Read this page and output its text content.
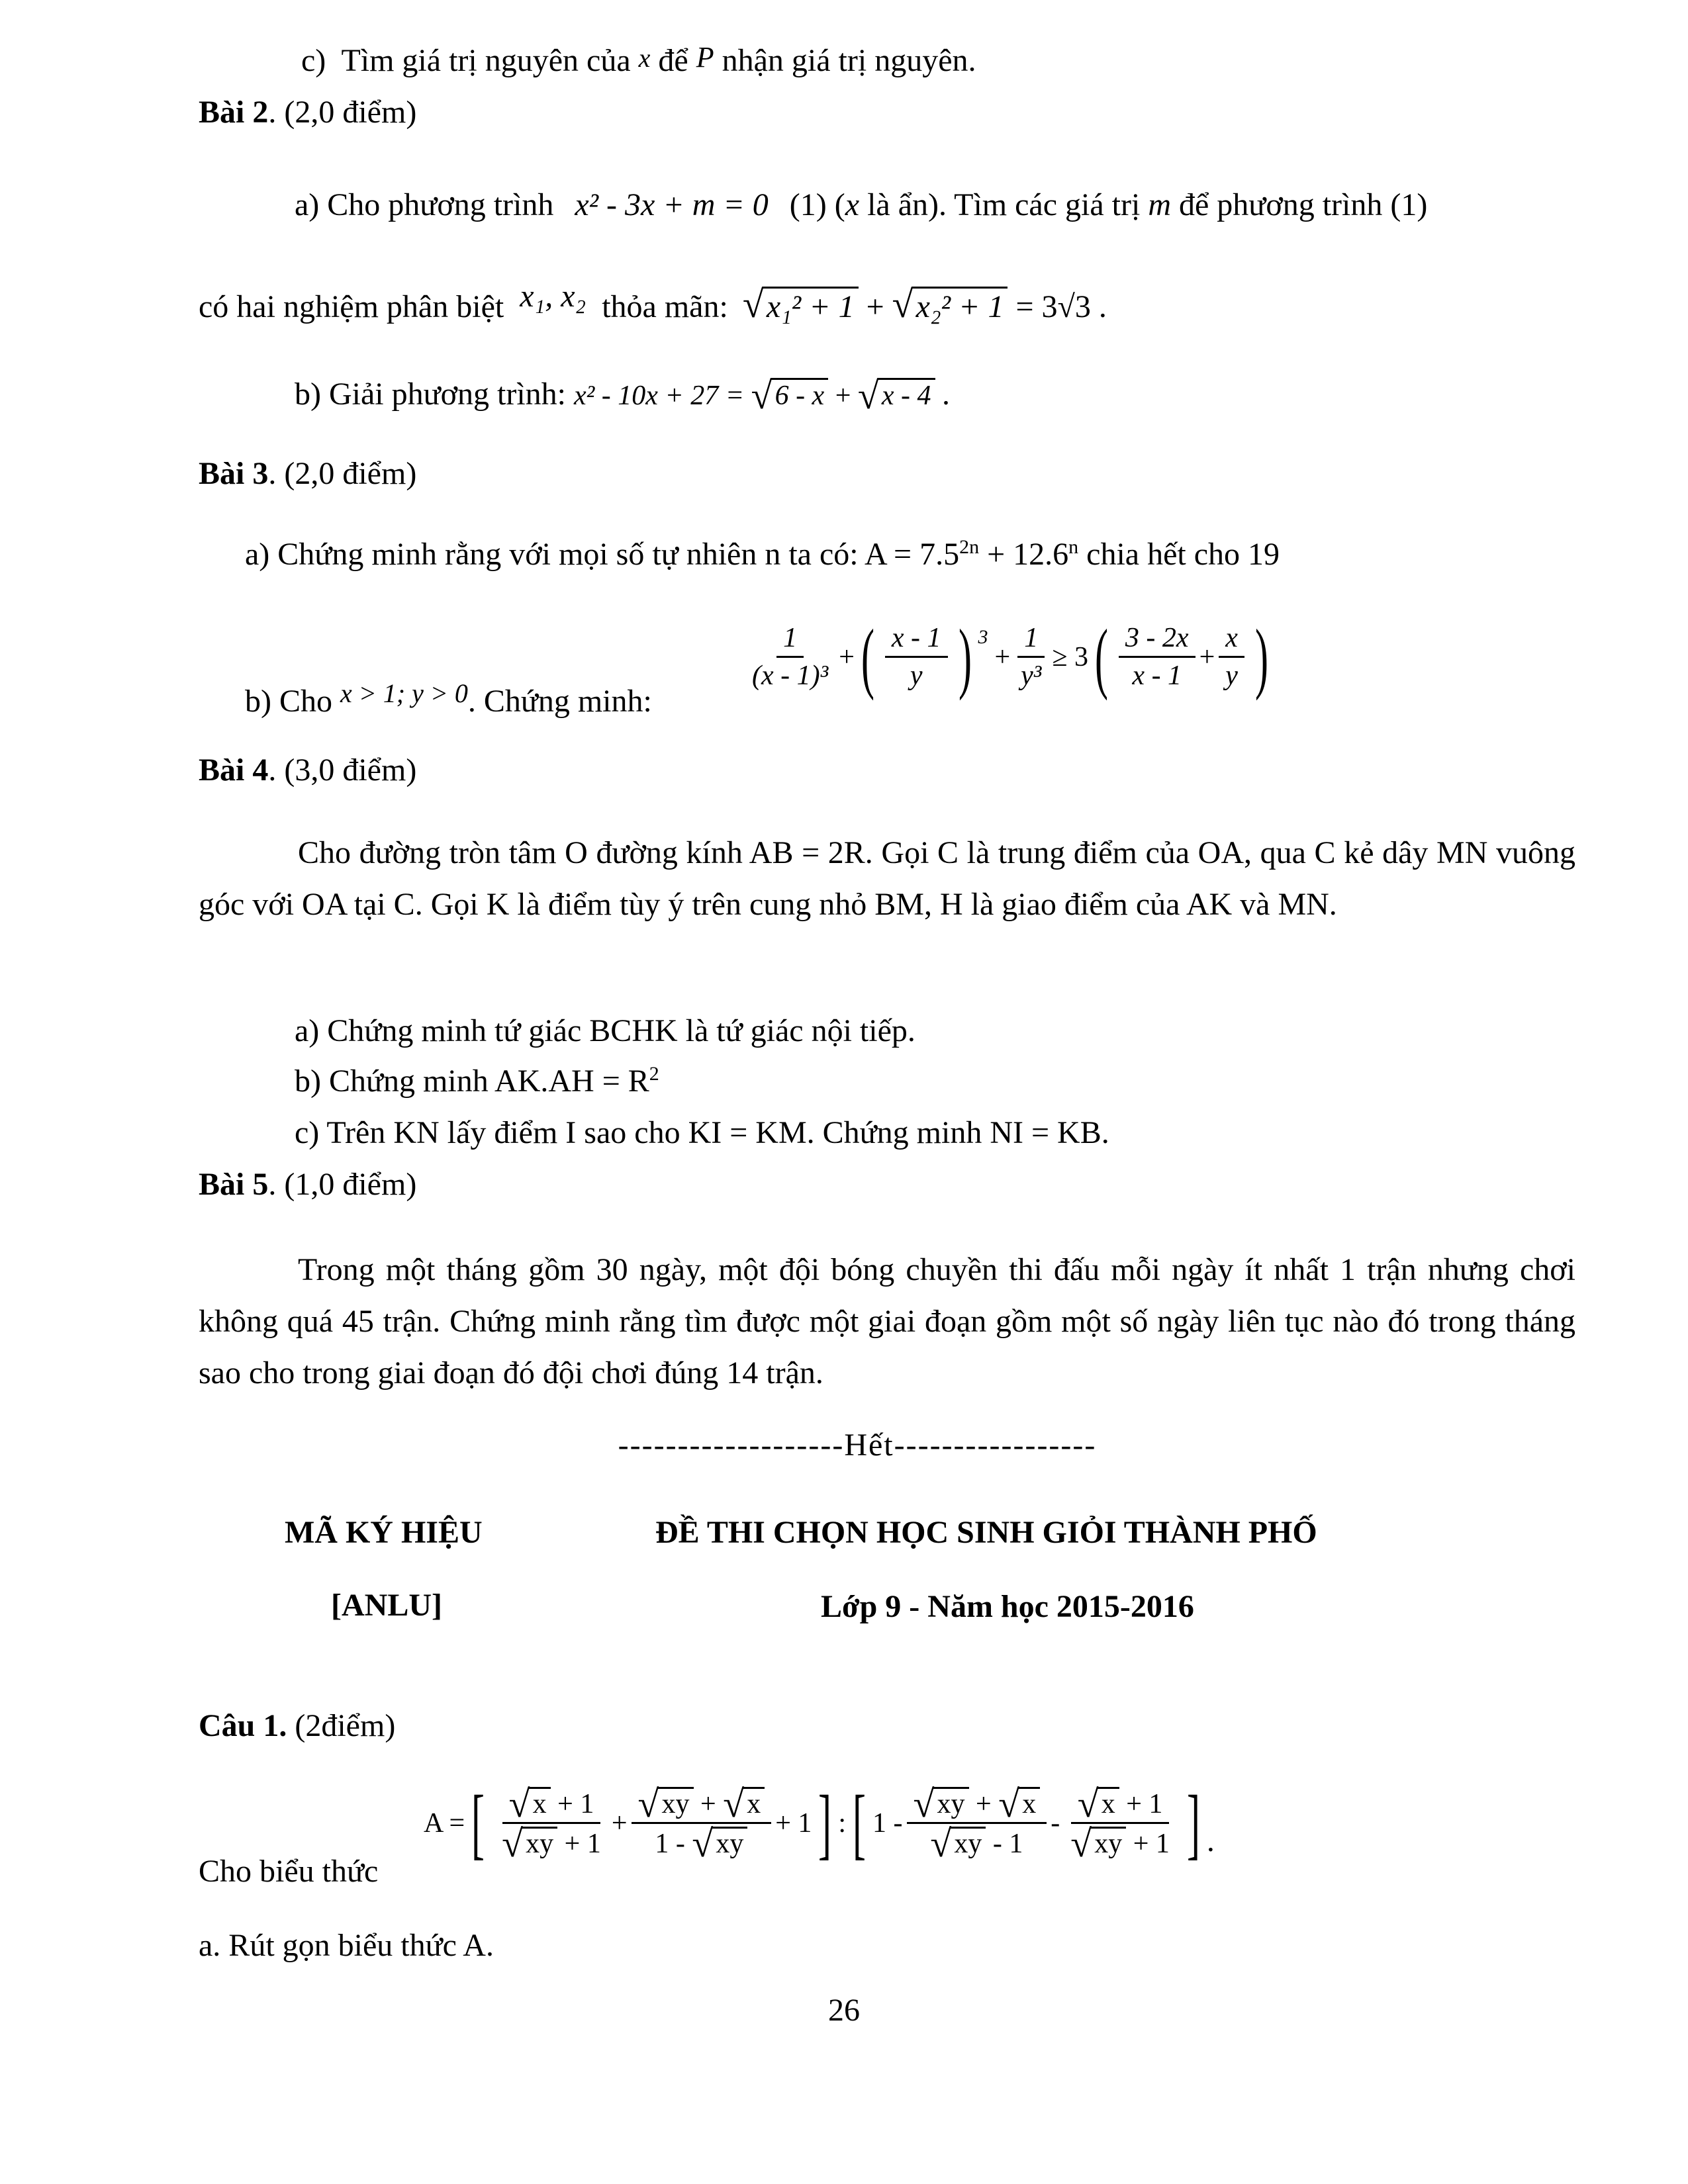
c) Tìm giá trị nguyên của x để P nhận giá trị nguyên.
Bài 2. (2,0 điểm)
a) Cho phương trình x² - 3x + m = 0 (1) (x là ẩn). Tìm các giá trị m để phương trình (1)
có hai nghiệm phân biệt x₁, x₂ thỏa mãn: √ x₁² + 1 + √ x₂² + 1 = 3√3 .
b) Giải phương trình: x² - 10x + 27 = √ 6 - x + √ x - 4 .
Bài 3. (2,0 điểm)
a) Chứng minh rằng với mọi số tự nhiên n ta có: $A = 7.5^{2n} + 12.6^n$ chia hết cho 19
b) Cho $^{x > 1; y > 0}$. Chứng minh:
$\frac{1}{\text{(x - 1)³}}$ + ( $\frac{x - 1}{y}$ ) 3
+ $\frac{1}{\text{y³}} \ge 3$ ( $\frac{3 - 2x}{x - 1} + \frac{x}{y}$ )
Bài 4. (3,0 điểm)

Cho đường tròn tâm O đường kính AB = 2R. Gọi C là trung điểm của OA, qua C kẻ dây MN vuông góc với OA tại C. Gọi K là điểm tùy ý trên cung nhỏ BM, H là giao điểm của AK và MN.

a) Chứng minh tứ giác BCHK là tứ giác nội tiếp.
b) Chứng minh $AK.AH = R^2$
c) Trên KN lấy điểm I sao cho KI = KM. Chứng minh NI = KB.
Bài 5. (1,0 điểm)

Trong một tháng gồm 30 ngày, một đội bóng chuyền thi đấu mỗi ngày ít nhất 1 trận nhưng chơi không quá 45 trận. Chứng minh rằng tìm được một giai đoạn gồm một số ngày liên tục nào đó trong tháng sao cho trong giai đoạn đó đội chơi đúng 14 trận.

-------------------Hết-----------------
MÃ KÝ HIỆU
[ANLU]
ĐỀ THI CHỌN HỌC SINH GIỎI THÀNH PHỐ
Lớp 9 - Năm học 2015-2016
Câu 1. (2điểm)
Cho biểu thức
A = [ √ x + 1
√ xy + 1 + √ $\frac{xy + √ x}{1 - √ xy} + 1$ ] : [ 1 - √ xy + √ x
√ xy - 1 - √ x + 1
√ xy + 1 ] .
a. Rút gọn biểu thức A.
26
